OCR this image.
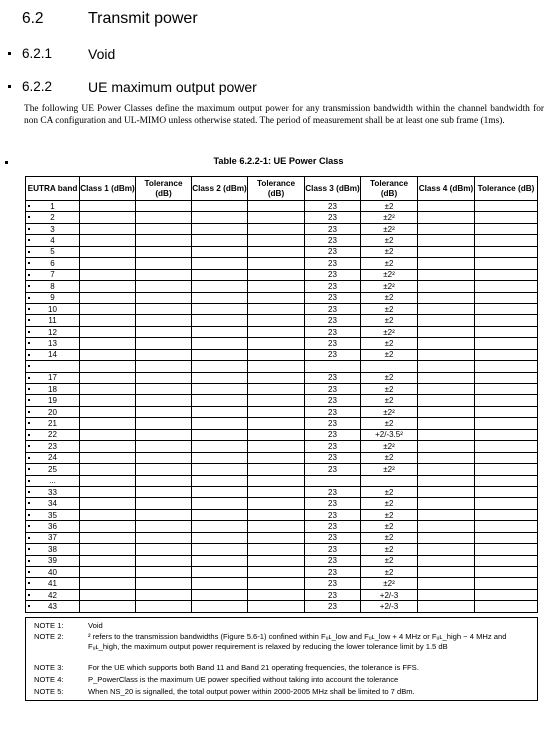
6.2	Transmit power
6.2.1	Void
6.2.2	UE maximum output power
The following UE Power Classes define the maximum output power for any transmission bandwidth within the channel bandwidth for non CA configuration and UL-MIMO unless otherwise stated. The period of measurement shall be at least one sub frame (1ms).
Table 6.2.2-1: UE Power Class
EUTRA band	Class 1 (dBm)	Tolerance (dB)	Class 2 (dBm)	Tolerance (dB)	Class 3 (dBm)	Tolerance (dB)	Class 4 (dBm)	Tolerance (dB)
1					23	±2		
2					23	±2²		
3					23	±2²		
4					23	±2		
5					23	±2		
6					23	±2		
7					23	±2²		
8					23	±2²		
9					23	±2		
10					23	±2		
11					23	±2		
12					23	±2²		
13					23	±2		
14					23	±2		

17					23	±2		
18					23	±2		
19					23	±2		
20					23	±2²		
21					23	±2		
22					23	+2/-3.5²		
23					23	±2²		
24					23	±2		
25					23	±2²		
...								
33					23	±2		
34					23	±2		
35					23	±2		
36					23	±2		
37					23	±2		
38					23	±2		
39					23	±2		
40					23	±2		
41					23	±2²		
42					23	+2/-3		
43					23	+2/-3		
NOTE 1:	Void
NOTE 2:	² refers to the transmission bandwidths (Figure 5.6-1) confined within Fᵤʟ_low and Fᵤʟ_low + 4 MHz or Fᵤʟ_high − 4 MHz and Fᵤʟ_high, the maximum output power requirement is relaxed by reducing the lower tolerance limit by 1.5 dB
NOTE 3:	For the UE which supports both Band 11 and Band 21 operating frequencies, the tolerance is FFS.
NOTE 4:	P_PowerClass is the maximum UE power specified without taking into account the tolerance
NOTE 5:	When NS_20 is signalled, the total output power within 2000-2005 MHz shall be limited to 7 dBm.
